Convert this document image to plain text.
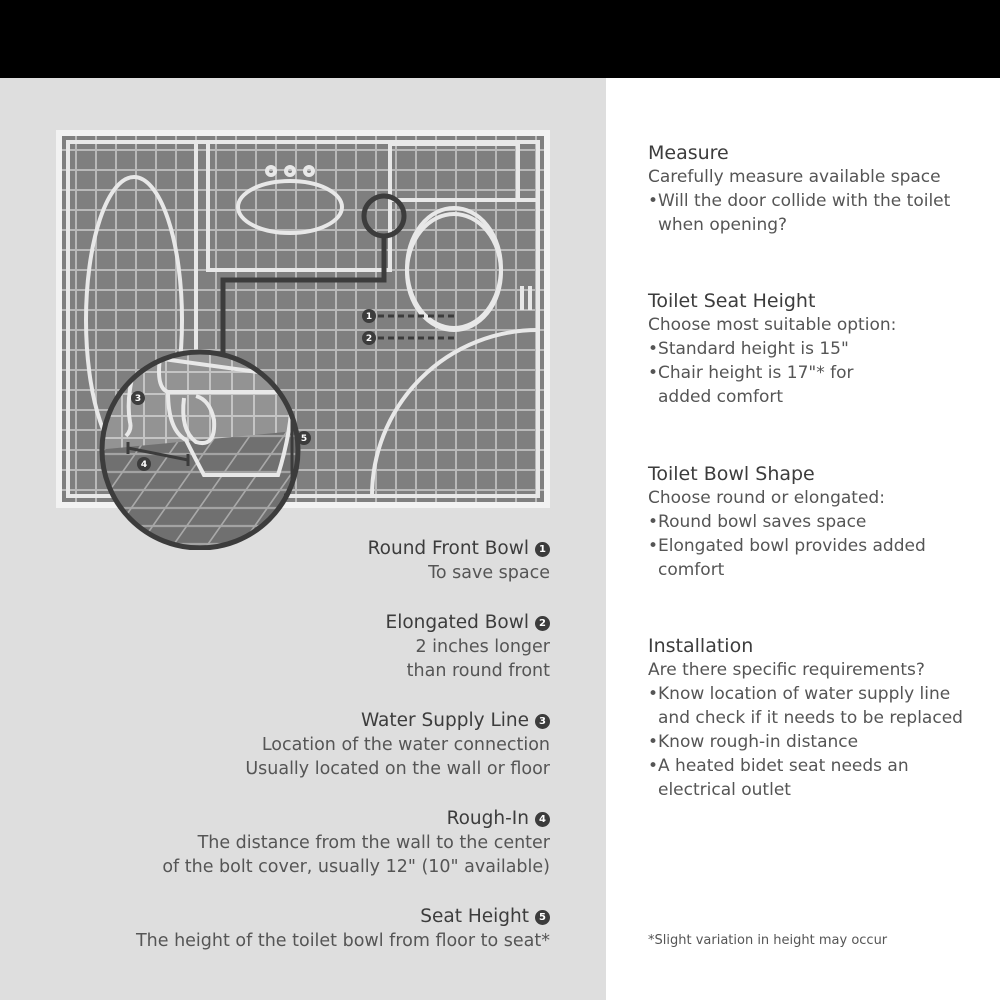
1
2
3
4
5
Round Front Bowl 1
To save space
Elongated Bowl 2
2 inches longer
than round front
Water Supply Line 3
Location of the water connection
Usually located on the wall or floor
Rough-In 4
The distance from the wall to the center
of the bolt cover, usually 12" (10" available)
Seat Height 5
The height of the toilet bowl from floor to seat*
Measure
Carefully measure available space
•Will the door collide with the toilet when opening?
Toilet Seat Height
Choose most suitable option:
•Standard height is 15"
•Chair height is 17"* for added comfort
Toilet Bowl Shape
Choose round or elongated:
•Round bowl saves space
•Elongated bowl provides added comfort
Installation
Are there specific requirements?
•Know location of water supply line and check if it needs to be replaced
•Know rough-in distance
•A heated bidet seat needs an electrical outlet
*Slight variation in height may occur
